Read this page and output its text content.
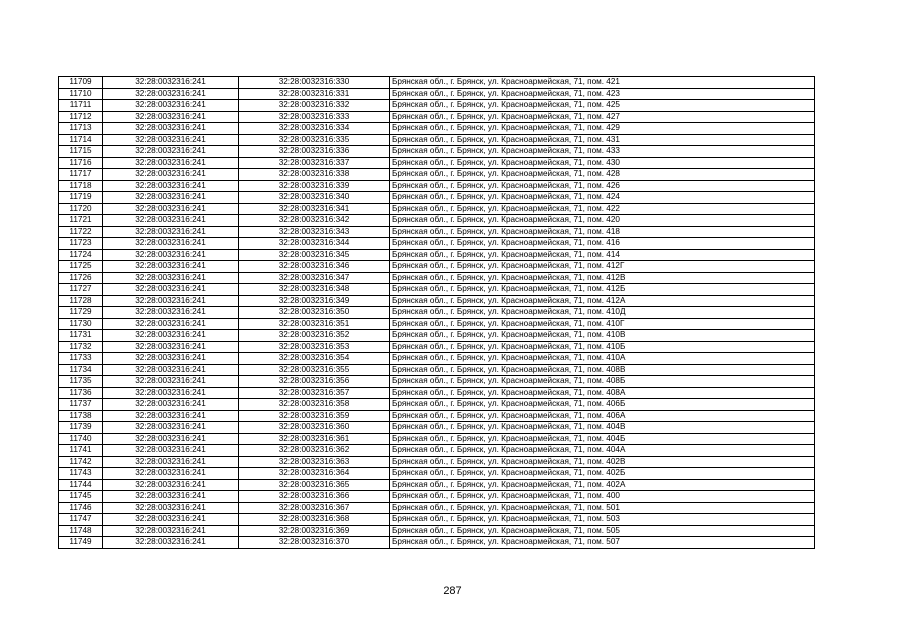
11709	32:28:0032316:241	32:28:0032316:330	Брянская обл., г. Брянск, ул. Красноармейская, 71, пом. 421
11710	32:28:0032316:241	32:28:0032316:331	Брянская обл., г. Брянск, ул. Красноармейская, 71, пом. 423
11711	32:28:0032316:241	32:28:0032316:332	Брянская обл., г. Брянск, ул. Красноармейская, 71, пом. 425
11712	32:28:0032316:241	32:28:0032316:333	Брянская обл., г. Брянск, ул. Красноармейская, 71, пом. 427
11713	32:28:0032316:241	32:28:0032316:334	Брянская обл., г. Брянск, ул. Красноармейская, 71, пом. 429
11714	32:28:0032316:241	32:28:0032316:335	Брянская обл., г. Брянск, ул. Красноармейская, 71, пом. 431
11715	32:28:0032316:241	32:28:0032316:336	Брянская обл., г. Брянск, ул. Красноармейская, 71, пом. 433
11716	32:28:0032316:241	32:28:0032316:337	Брянская обл., г. Брянск, ул. Красноармейская, 71, пом. 430
11717	32:28:0032316:241	32:28:0032316:338	Брянская обл., г. Брянск, ул. Красноармейская, 71, пом. 428
11718	32:28:0032316:241	32:28:0032316:339	Брянская обл., г. Брянск, ул. Красноармейская, 71, пом. 426
11719	32:28:0032316:241	32:28:0032316:340	Брянская обл., г. Брянск, ул. Красноармейская, 71, пом. 424
11720	32:28:0032316:241	32:28:0032316:341	Брянская обл., г. Брянск, ул. Красноармейская, 71, пом. 422
11721	32:28:0032316:241	32:28:0032316:342	Брянская обл., г. Брянск, ул. Красноармейская, 71, пом. 420
11722	32:28:0032316:241	32:28:0032316:343	Брянская обл., г. Брянск, ул. Красноармейская, 71, пом. 418
11723	32:28:0032316:241	32:28:0032316:344	Брянская обл., г. Брянск, ул. Красноармейская, 71, пом. 416
11724	32:28:0032316:241	32:28:0032316:345	Брянская обл., г. Брянск, ул. Красноармейская, 71, пом. 414
11725	32:28:0032316:241	32:28:0032316:346	Брянская обл., г. Брянск, ул. Красноармейская, 71, пом. 412Г
11726	32:28:0032316:241	32:28:0032316:347	Брянская обл., г. Брянск, ул. Красноармейская, 71, пом. 412В
11727	32:28:0032316:241	32:28:0032316:348	Брянская обл., г. Брянск, ул. Красноармейская, 71, пом. 412Б
11728	32:28:0032316:241	32:28:0032316:349	Брянская обл., г. Брянск, ул. Красноармейская, 71, пом. 412А
11729	32:28:0032316:241	32:28:0032316:350	Брянская обл., г. Брянск, ул. Красноармейская, 71, пом. 410Д
11730	32:28:0032316:241	32:28:0032316:351	Брянская обл., г. Брянск, ул. Красноармейская, 71, пом. 410Г
11731	32:28:0032316:241	32:28:0032316:352	Брянская обл., г. Брянск, ул. Красноармейская, 71, пом. 410В
11732	32:28:0032316:241	32:28:0032316:353	Брянская обл., г. Брянск, ул. Красноармейская, 71, пом. 410Б
11733	32:28:0032316:241	32:28:0032316:354	Брянская обл., г. Брянск, ул. Красноармейская, 71, пом. 410А
11734	32:28:0032316:241	32:28:0032316:355	Брянская обл., г. Брянск, ул. Красноармейская, 71, пом. 408В
11735	32:28:0032316:241	32:28:0032316:356	Брянская обл., г. Брянск, ул. Красноармейская, 71, пом. 408Б
11736	32:28:0032316:241	32:28:0032316:357	Брянская обл., г. Брянск, ул. Красноармейская, 71, пом. 408А
11737	32:28:0032316:241	32:28:0032316:358	Брянская обл., г. Брянск, ул. Красноармейская, 71, пом. 406Б
11738	32:28:0032316:241	32:28:0032316:359	Брянская обл., г. Брянск, ул. Красноармейская, 71, пом. 406А
11739	32:28:0032316:241	32:28:0032316:360	Брянская обл., г. Брянск, ул. Красноармейская, 71, пом. 404В
11740	32:28:0032316:241	32:28:0032316:361	Брянская обл., г. Брянск, ул. Красноармейская, 71, пом. 404Б
11741	32:28:0032316:241	32:28:0032316:362	Брянская обл., г. Брянск, ул. Красноармейская, 71, пом. 404А
11742	32:28:0032316:241	32:28:0032316:363	Брянская обл., г. Брянск, ул. Красноармейская, 71, пом. 402В
11743	32:28:0032316:241	32:28:0032316:364	Брянская обл., г. Брянск, ул. Красноармейская, 71, пом. 402Б
11744	32:28:0032316:241	32:28:0032316:365	Брянская обл., г. Брянск, ул. Красноармейская, 71, пом. 402А
11745	32:28:0032316:241	32:28:0032316:366	Брянская обл., г. Брянск, ул. Красноармейская, 71, пом. 400
11746	32:28:0032316:241	32:28:0032316:367	Брянская обл., г. Брянск, ул. Красноармейская, 71, пом. 501
11747	32:28:0032316:241	32:28:0032316:368	Брянская обл., г. Брянск, ул. Красноармейская, 71, пом. 503
11748	32:28:0032316:241	32:28:0032316:369	Брянская обл., г. Брянск, ул. Красноармейская, 71, пом. 505
11749	32:28:0032316:241	32:28:0032316:370	Брянская обл., г. Брянск, ул. Красноармейская, 71, пом. 507
287
